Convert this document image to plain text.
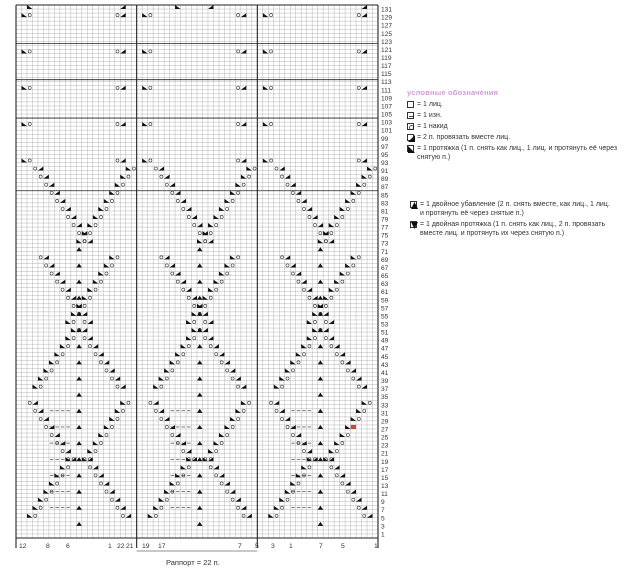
131
129
127
125
123
121
119
117
115
113
111
109
107
105
103
101
99
97
95
93
91
89
87
85
83
81
79
77
75
73
71
69
67
65
63
61
59
57
55
53
51
49
47
45
43
41
39
37
35
33
31
29
27
25
23
21
19
17
15
13
11
9
7
5
3
1
12	8 6	1 22 21 19 17	7 5 3 1	7	5	1
условные обозначения
= 1 лиц.
= 1 изн.
= 1 накид
= 2 п. провязать вместе лиц.
= 1 протяжка (1 п. снять как лиц., 1 лиц. и протянуть её через снятую п.)
= 1 двойное убавление (2 п. снять вместе, как лиц., 1 лиц. и протянуть её через снятые п.)
= 1 двойная протяжка (1 п. снять как лиц., 2 п. провязать вместе лиц. и протянуть их через снятую п.)
Раппорт = 22 п.
